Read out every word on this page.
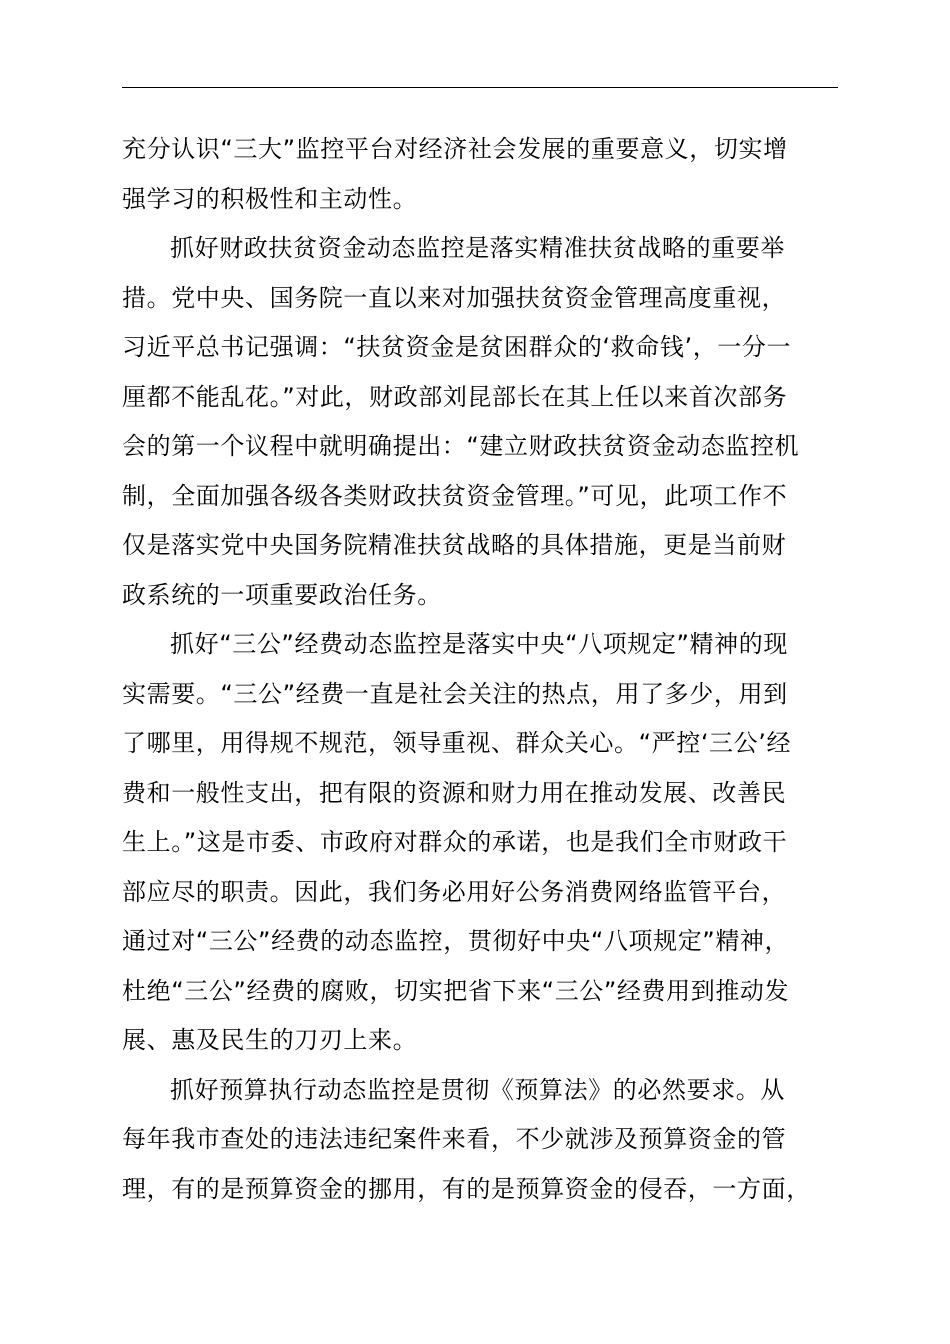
充分认识“三大”监控平台对经济社会发展的重要意义，切实增
强学习的积极性和主动性。
抓好财政扶贫资金动态监控是落实精准扶贫战略的重要举
措。党中央、国务院一直以来对加强扶贫资金管理高度重视，
习近平总书记强调：“扶贫资金是贫困群众的‘救命钱’，一分一
厘都不能乱花。”对此，财政部刘昆部长在其上任以来首次部务
会的第一个议程中就明确提出：“建立财政扶贫资金动态监控机
制，全面加强各级各类财政扶贫资金管理。”可见，此项工作不
仅是落实党中央国务院精准扶贫战略的具体措施，更是当前财
政系统的一项重要政治任务。
抓好“三公”经费动态监控是落实中央“八项规定”精神的现
实需要。“三公”经费一直是社会关注的热点，用了多少，用到
了哪里，用得规不规范，领导重视、群众关心。“严控‘三公’经
费和一般性支出，把有限的资源和财力用在推动发展、改善民
生上。”这是市委、市政府对群众的承诺，也是我们全市财政干
部应尽的职责。因此，我们务必用好公务消费网络监管平台，
通过对“三公”经费的动态监控，贯彻好中央“八项规定”精神，
杜绝“三公”经费的腐败，切实把省下来“三公”经费用到推动发
展、惠及民生的刀刃上来。
抓好预算执行动态监控是贯彻《预算法》的必然要求。从
每年我市查处的违法违纪案件来看，不少就涉及预算资金的管
理，有的是预算资金的挪用，有的是预算资金的侵吞，一方面，
